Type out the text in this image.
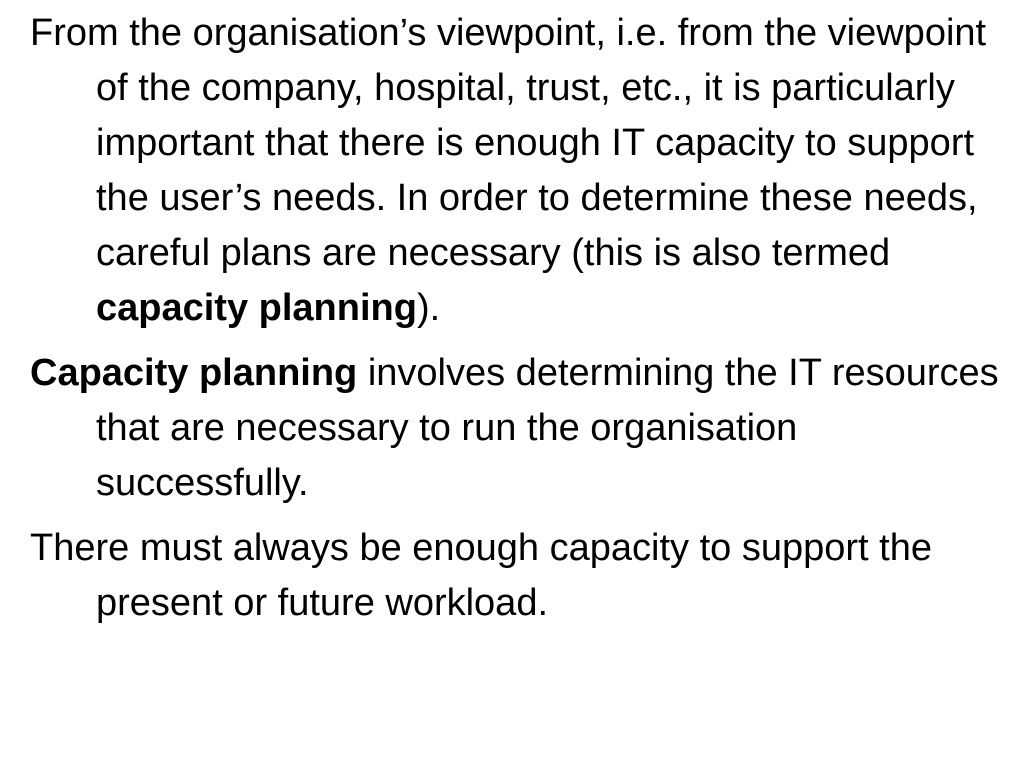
From the organisation’s viewpoint, i.e. from the viewpoint of the company, hospital, trust, etc., it is particularly important that there is enough IT capacity to support the user’s needs. In order to determine these needs, careful plans are necessary (this is also termed capacity planning).

Capacity planning involves determining the IT resources that are necessary to run the organisation successfully.

There must always be enough capacity to support the present or future workload.
